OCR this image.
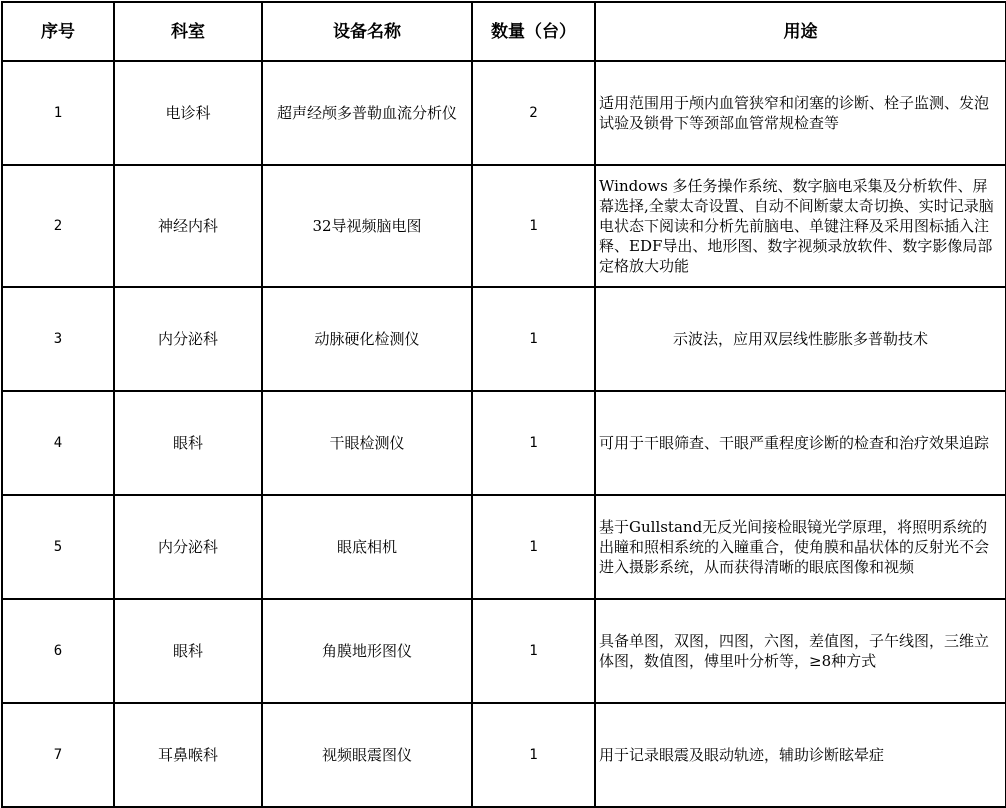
序号	科室	设备名称	数量（台）	用途
1	电诊科	超声经颅多普勒血流分析仪	2	适用范围用于颅内血管狭窄和闭塞的诊断、栓子监测、发泡试验及锁骨下等颈部血管常规检查等
2	神经内科	32导视频脑电图	1	Windows 多任务操作系统、数字脑电采集及分析软件、屏幕选择,全蒙太奇设置、自动不间断蒙太奇切换、实时记录脑电状态下阅读和分析先前脑电、单键注释及采用图标插入注释、EDF导出、地形图、数字视频录放软件、数字影像局部定格放大功能
3	内分泌科	动脉硬化检测仪	1	示波法，应用双层线性膨胀多普勒技术
4	眼科	干眼检测仪	1	可用于干眼筛查、干眼严重程度诊断的检查和治疗效果追踪
5	内分泌科	眼底相机	1	基于Gullstand无反光间接检眼镜光学原理，将照明系统的出瞳和照相系统的入瞳重合，使角膜和晶状体的反射光不会进入摄影系统，从而获得清晰的眼底图像和视频
6	眼科	角膜地形图仪	1	具备单图，双图，四图，六图，差值图，子午线图，三维立体图，数值图，傅里叶分析等，≥8种方式
7	耳鼻喉科	视频眼震图仪	1	用于记录眼震及眼动轨迹，辅助诊断眩晕症
